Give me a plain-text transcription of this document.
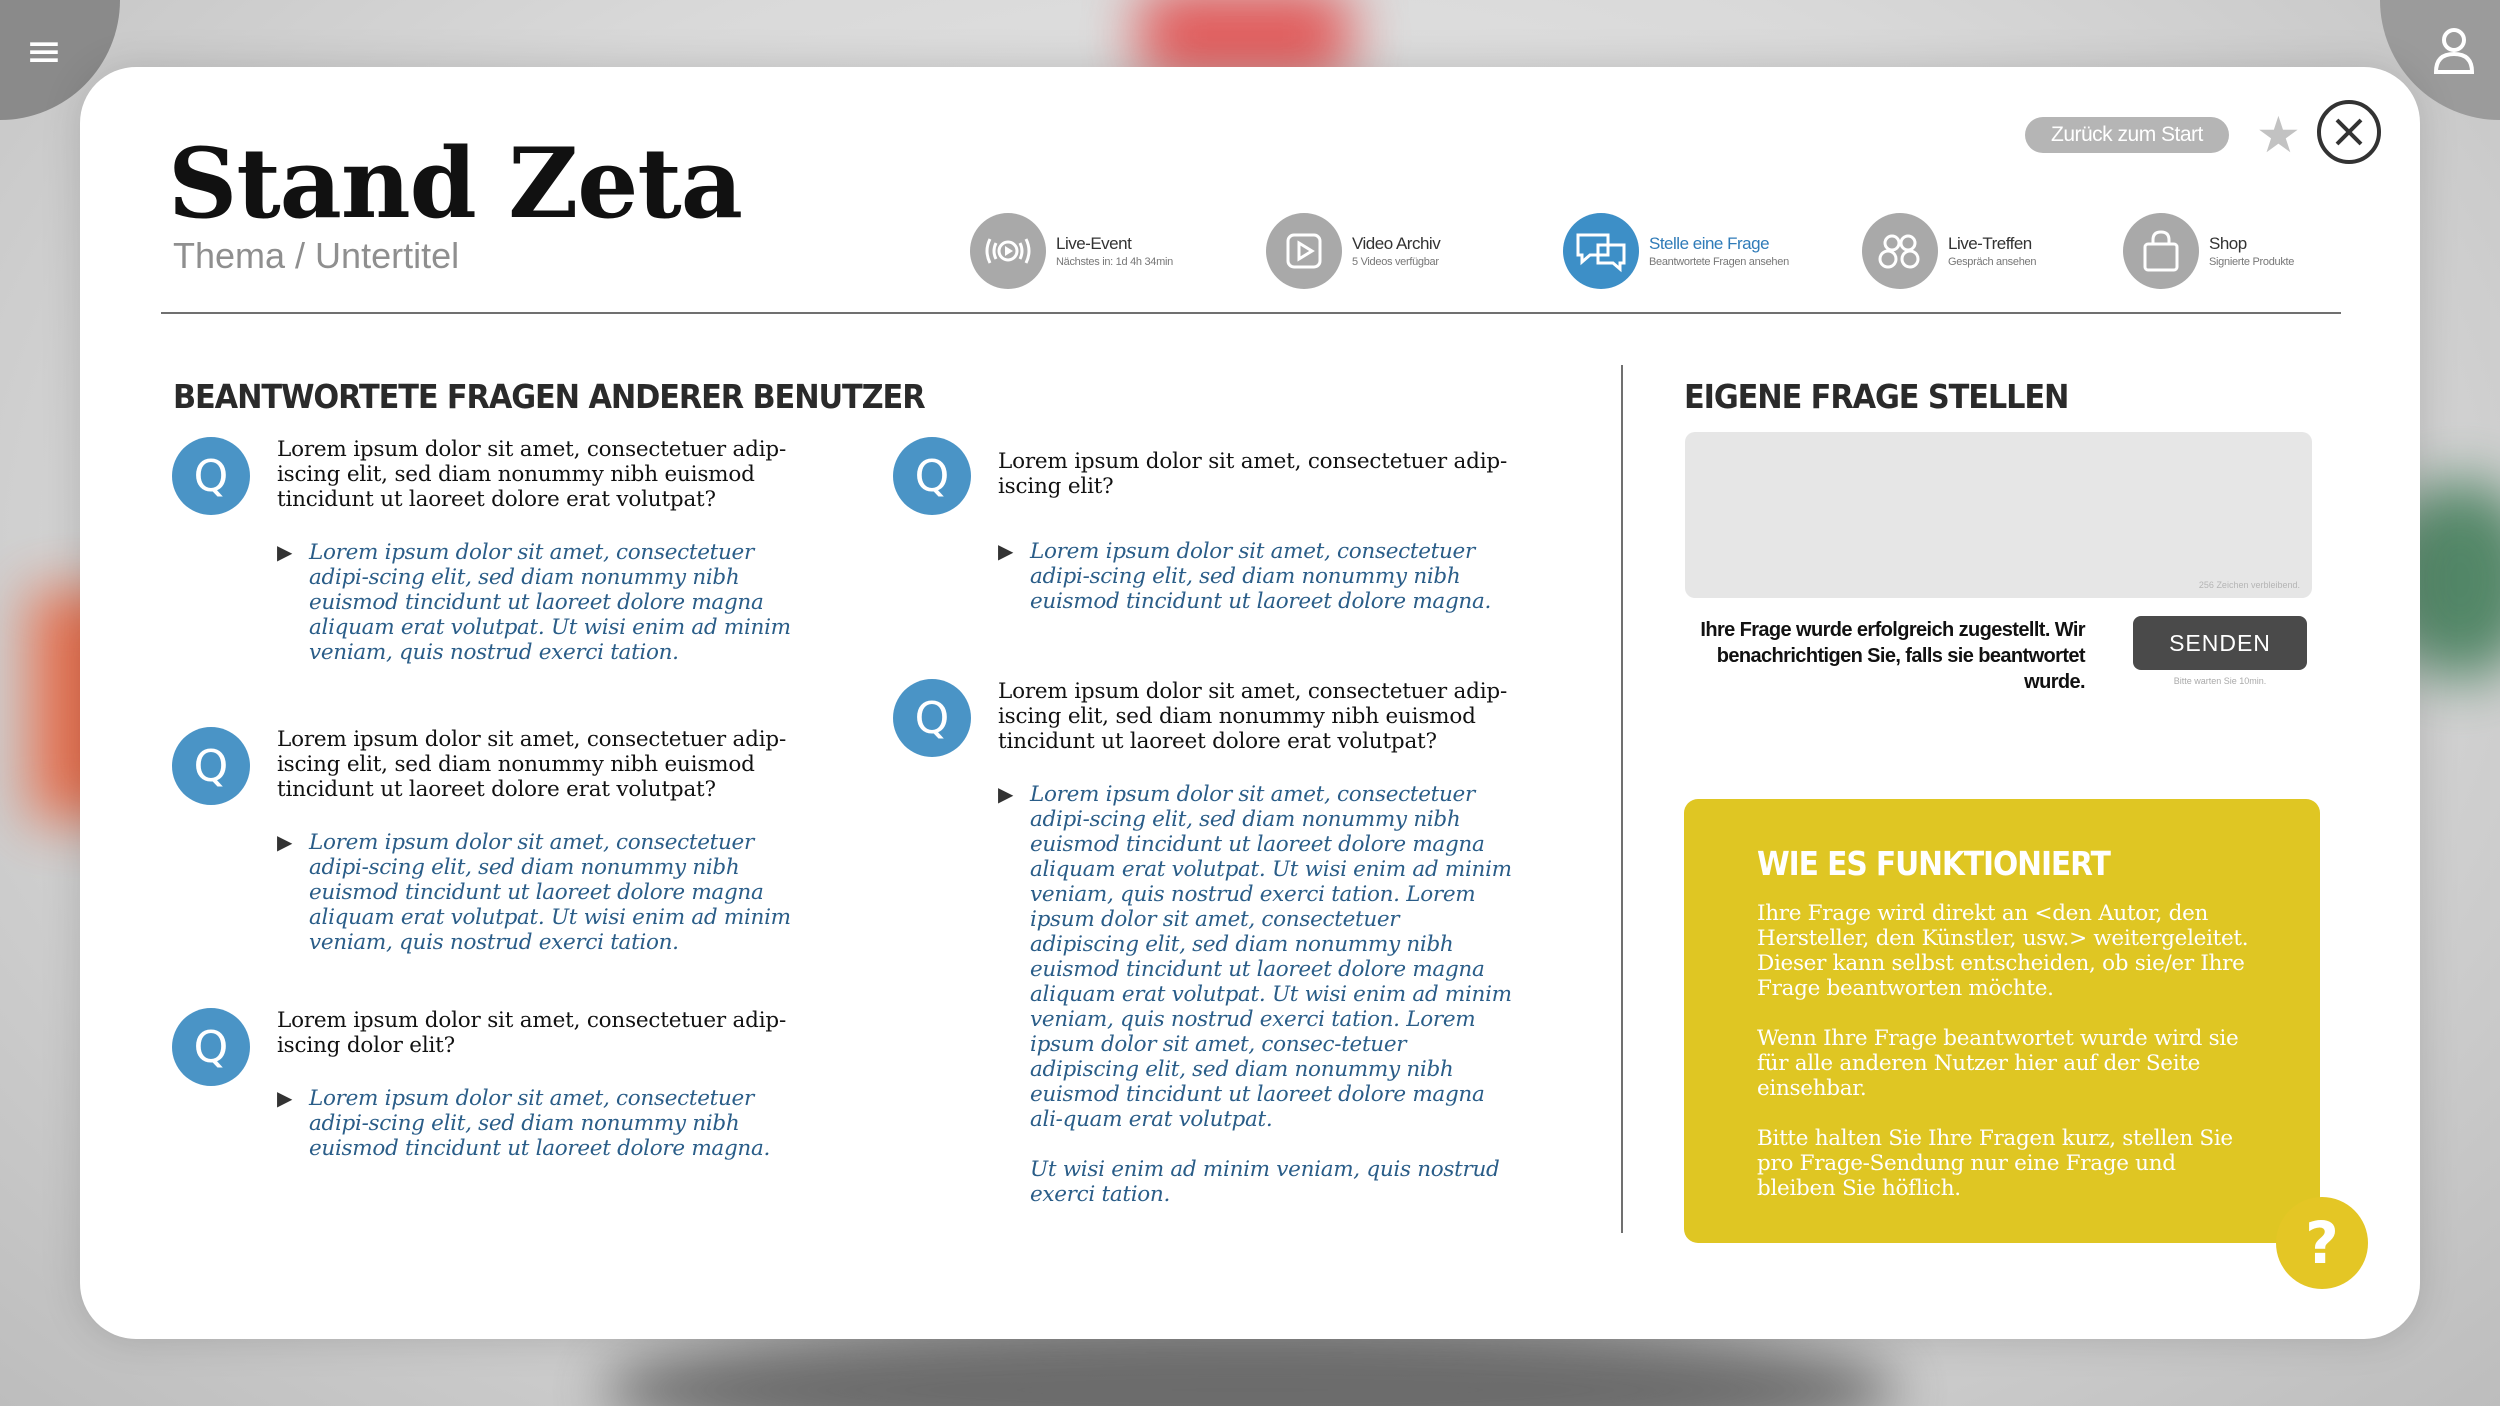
≡
Stand Zeta
Thema / Untertitel
Zurück zum Start	★
Live-Event
Nächstes in: 1d 4h 34min
Video Archiv
5 Videos verfügbar
Stelle eine Frage
Beantwortete Fragen ansehen
Live-Treffen
Gespräch ansehen
Shop
Signierte Produkte
BEANTWORTETE FRAGEN ANDERER BENUTZER
Q
Lorem ipsum dolor sit amet, consectetuer adip-iscing elit, sed diam nonummy nibh euismod tincidunt ut laoreet dolore erat volutpat?
▶ Lorem ipsum dolor sit amet, consectetuer adipi-scing elit, sed diam nonummy nibh euismod tincidunt ut laoreet dolore magna aliquam erat volutpat. Ut wisi enim ad minim veniam, quis nostrud exerci tation.

Q
Lorem ipsum dolor sit amet, consectetuer adip-iscing elit, sed diam nonummy nibh euismod tincidunt ut laoreet dolore erat volutpat?
▶ Lorem ipsum dolor sit amet, consectetuer adipi-scing elit, sed diam nonummy nibh euismod tincidunt ut laoreet dolore magna aliquam erat volutpat. Ut wisi enim ad minim veniam, quis nostrud exerci tation.

Q
Lorem ipsum dolor sit amet, consectetuer adip-iscing dolor elit?
▶ Lorem ipsum dolor sit amet, consectetuer adipi-scing elit, sed diam nonummy nibh euismod tincidunt ut laoreet dolore magna.

Q	Lorem ipsum dolor sit amet, consectetuer adip-iscing elit?
▶ Lorem ipsum dolor sit amet, consectetuer adipi-scing elit, sed diam nonummy nibh euismod tincidunt ut laoreet dolore magna.

Q
Lorem ipsum dolor sit amet, consectetuer adip-iscing elit, sed diam nonummy nibh euismod tincidunt ut laoreet dolore erat volutpat?
▶ Lorem ipsum dolor sit amet, consectetuer adipi-scing elit, sed diam nonummy nibh euismod tincidunt ut laoreet dolore magna aliquam erat volutpat. Ut wisi enim ad minim veniam, quis nostrud exerci tation. Lorem ipsum dolor sit amet, consectetuer adipiscing elit, sed diam nonummy nibh euismod tincidunt ut laoreet dolore magna aliquam erat volutpat. Ut wisi enim ad minim veniam, quis nostrud exerci tation. Lorem ipsum dolor sit amet, consec-tetuer adipiscing elit, sed diam nonummy nibh euismod tincidunt ut laoreet dolore magna ali-quam erat volutpat.

Ut wisi enim ad minim veniam, quis nostrud exerci tation.

EIGENE FRAGE STELLEN
256 Zeichen verbleibend.
Ihre Frage wurde erfolgreich zugestellt. Wir benachrichtigen Sie, falls sie beantwortet wurde.
SENDEN
Bitte warten Sie 10min.
WIE ES FUNKTIONIERT

Ihre Frage wird direkt an <den Autor, den Hersteller, den Künstler, usw.> weitergeleitet. Dieser kann selbst entscheiden, ob sie/er Ihre Frage beantworten möchte.

Wenn Ihre Frage beantwortet wurde wird sie für alle anderen Nutzer hier auf der Seite einsehbar.

Bitte halten Sie Ihre Fragen kurz, stellen Sie pro Frage-Sendung nur eine Frage und bleiben Sie höflich.

?
